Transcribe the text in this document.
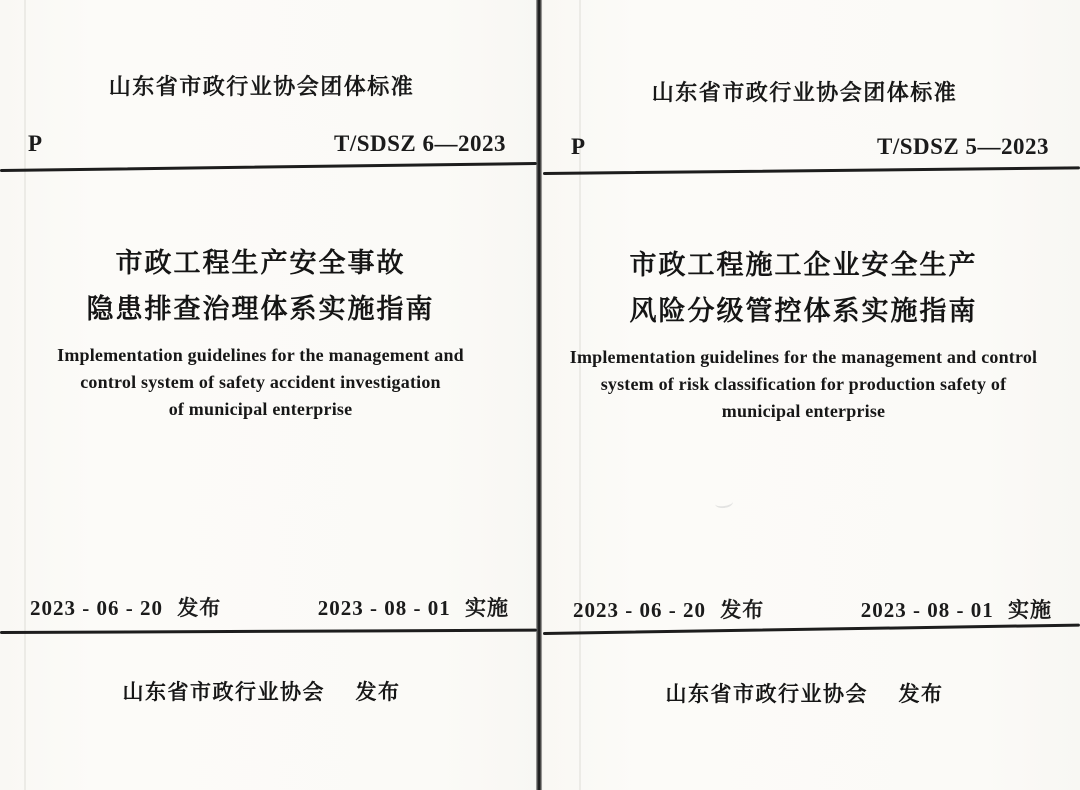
山东省市政行业协会团体标准
P	T/SDSZ 6—2023
市政工程生产安全事故
隐患排查治理体系实施指南
Implementation guidelines for the management and
control system of safety accident investigation
of municipal enterprise
2023 - 06 - 20 发布	2023 - 08 - 01 实施
山东省市政行业协会 发布
山东省市政行业协会团体标准
P	T/SDSZ 5—2023
市政工程施工企业安全生产
风险分级管控体系实施指南
Implementation guidelines for the management and control
system of risk classification for production safety of
municipal enterprise
2023 - 06 - 20 发布	2023 - 08 - 01 实施
山东省市政行业协会 发布
